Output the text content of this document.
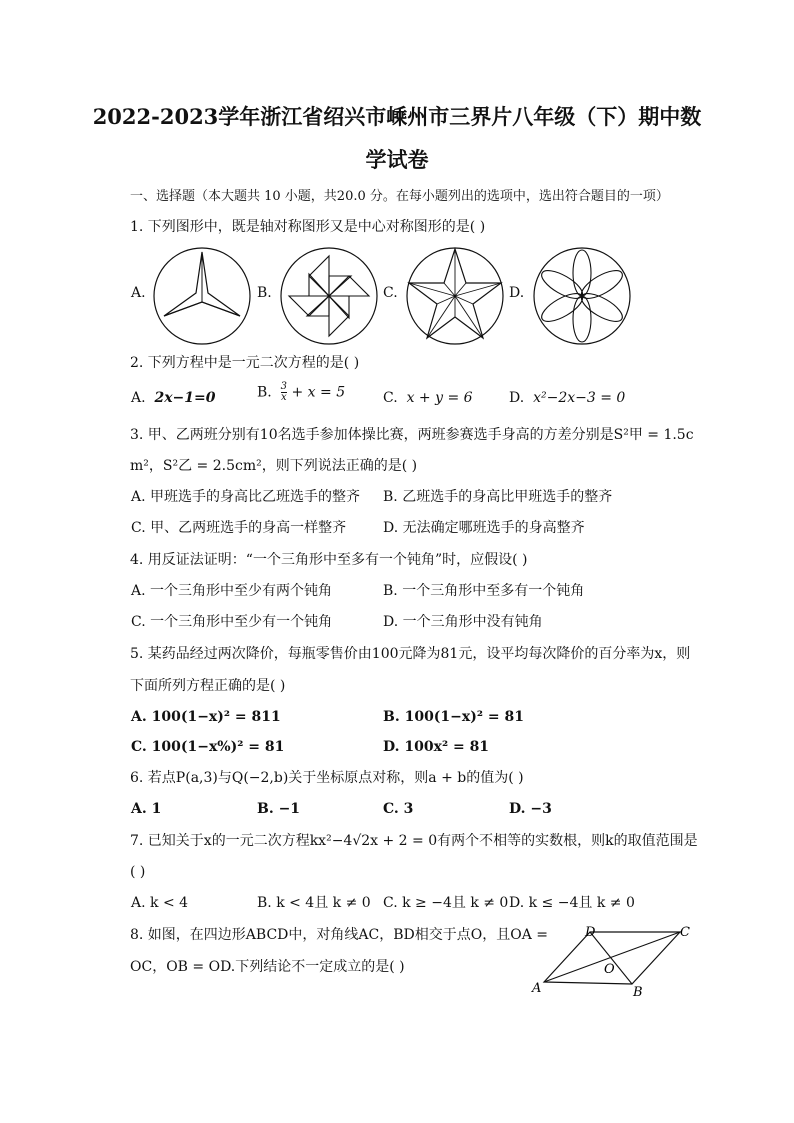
2022-2023学年浙江省绍兴市嵊州市三界片八年级（下）期中数
学试卷
一、选择题（本大题共 10 小题，共20.0 分。在每小题列出的选项中，选出符合题目的一项）
1. 下列图形中，既是轴对称图形又是中心对称图形的是( )
A.	B.	C.	D.
2. 下列方程中是一元二次方程的是( )
A. 2x−1=0	B. $\frac{3}{x} + x = 5$	C. x + y = 6	D. x²−2x−3 = 0
3. 甲、乙两班分别有10名选手参加体操比赛，两班参赛选手身高的方差分别是S²甲 = 1.5c
m²，S²乙 = 2.5cm²，则下列说法正确的是( )
A. 甲班选手的身高比乙班选手的整齐 B. 乙班选手的身高比甲班选手的整齐
C. 甲、乙两班选手的身高一样整齐	D. 无法确定哪班选手的身高整齐
4. 用反证法证明：“一个三角形中至多有一个钝角”时，应假设( )
A. 一个三角形中至少有两个钝角	B. 一个三角形中至多有一个钝角
C. 一个三角形中至少有一个钝角	D. 一个三角形中没有钝角
5. 某药品经过两次降价，每瓶零售价由100元降为81元，设平均每次降价的百分率为x，则
下面所列方程正确的是( )
A. 100(1−x)² = 811	B. 100(1−x)² = 81
C. 100(1−x%)² = 81	D. 100x² = 81
6. 若点P(a,3)与Q(−2,b)关于坐标原点对称，则a + b的值为( )
A. 1	B. −1	C. 3	D. −3
7. 已知关于x的一元二次方程kx²−4√2x + 2 = 0有两个不相等的实数根，则k的取值范围是
( )
A. k < 4	B. k < 4且 k ≠ 0 C. k ≥ −4且 k ≠ 0 D. k ≤ −4且 k ≠ 0
8. 如图，在四边形ABCD中，对角线AC，BD相交于点O，且OA =
OC，OB = OD.下列结论不一定成立的是( )
A	B
C
D
O
